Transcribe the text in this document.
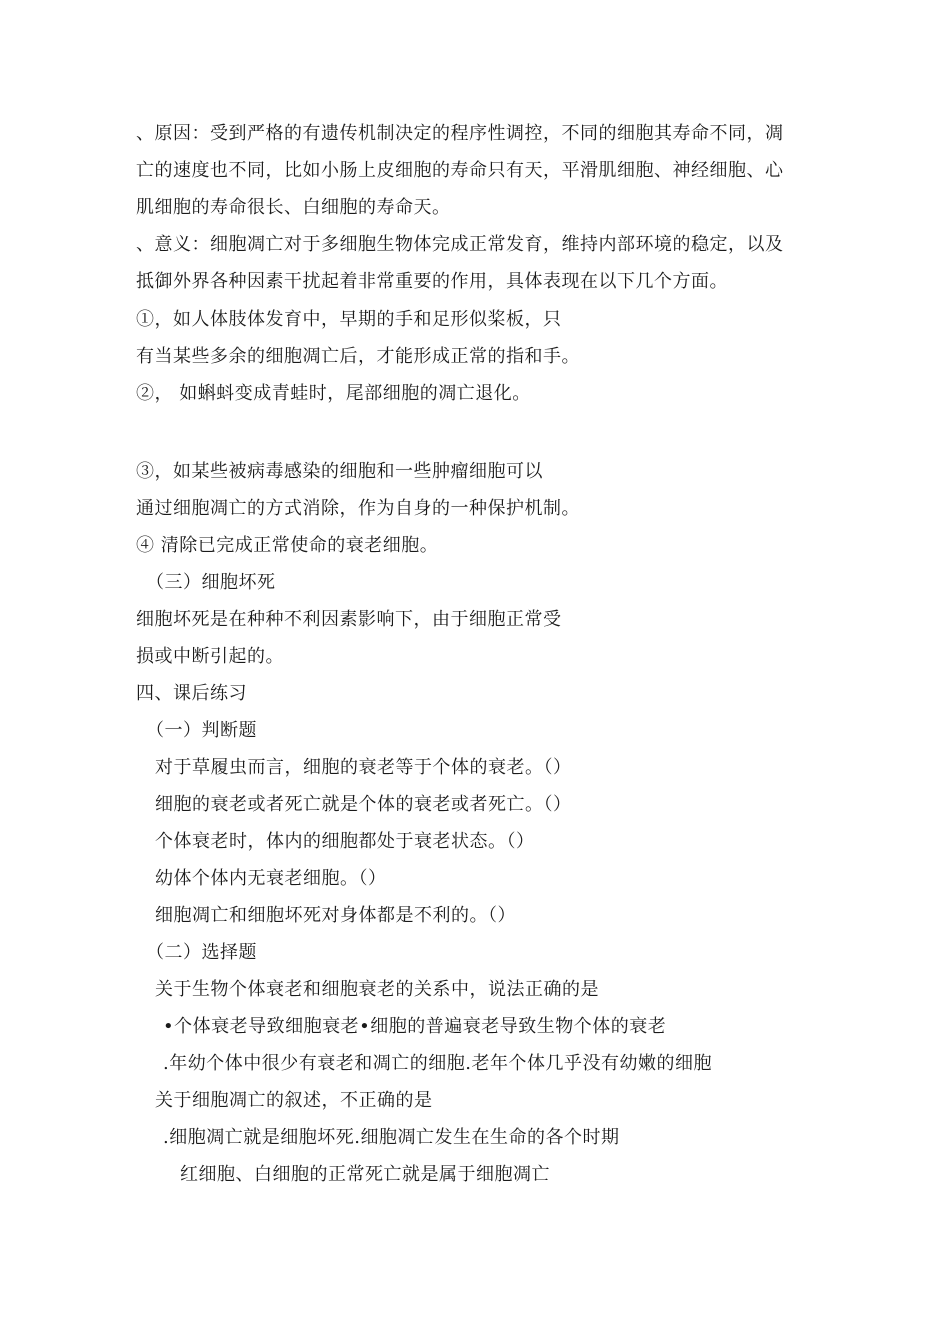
、原因：受到严格的有遗传机制决定的程序性调控，不同的细胞其寿命不同，凋
亡的速度也不同，比如小肠上皮细胞的寿命只有天，平滑肌细胞、神经细胞、心
肌细胞的寿命很长、白细胞的寿命天。
、意义：细胞凋亡对于多细胞生物体完成正常发育，维持内部环境的稳定，以及
抵御外界各种因素干扰起着非常重要的作用，具体表现在以下几个方面。
①，如人体肢体发育中，早期的手和足形似桨板，只
有当某些多余的细胞凋亡后，才能形成正常的指和手。
②， 如蝌蚪变成青蛙时，尾部细胞的凋亡退化。
③，如某些被病毒感染的细胞和一些肿瘤细胞可以
通过细胞凋亡的方式消除，作为自身的一种保护机制。
④ 清除已完成正常使命的衰老细胞。
（三）细胞坏死
细胞坏死是在种种不利因素影响下，由于细胞正常受
损或中断引起的。
四、课后练习
（一）判断题
对于草履虫而言，细胞的衰老等于个体的衰老。（）
细胞的衰老或者死亡就是个体的衰老或者死亡。（）
个体衰老时，体内的细胞都处于衰老状态。（）
幼体个体内无衰老细胞。（）
细胞凋亡和细胞坏死对身体都是不利的。（）
（二）选择题
关于生物个体衰老和细胞衰老的关系中，说法正确的是
•个体衰老导致细胞衰老•细胞的普遍衰老导致生物个体的衰老
.年幼个体中很少有衰老和凋亡的细胞.老年个体几乎没有幼嫩的细胞
关于细胞凋亡的叙述，不正确的是
.细胞凋亡就是细胞坏死.细胞凋亡发生在生命的各个时期
红细胞、白细胞的正常死亡就是属于细胞凋亡
